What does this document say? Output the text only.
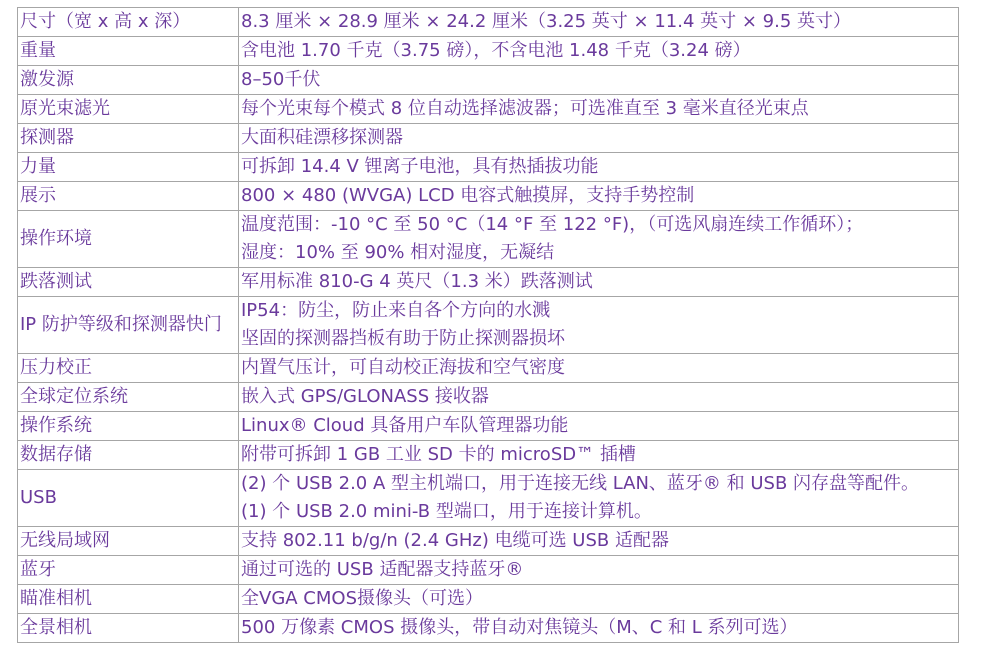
尺寸（宽 x 高 x 深）	8.3 厘米 × 28.9 厘米 × 24.2 厘米（3.25 英寸 × 11.4 英寸 × 9.5 英寸）

重量	含电池 1.70 千克（3.75 磅），不含电池 1.48 千克（3.24 磅）

激发源	8–50千伏

原光束滤光	每个光束每个模式 8 位自动选择滤波器；可选准直至 3 毫米直径光束点

探测器	大面积硅漂移探测器

力量	可拆卸 14.4 V 锂离子电池，具有热插拔功能

展示	800 × 480 (WVGA) LCD 电容式触摸屏，支持手势控制

操作环境	温度范围：-10 °C 至 50 °C（14 °F 至 122 °F)，（可选风扇连续工作循环）；
湿度：10% 至 90% 相对湿度，无凝结

跌落测试	军用标准 810-G 4 英尺（1.3 米）跌落测试

IP 防护等级和探测器快门	IP54：防尘，防止来自各个方向的水溅
坚固的探测器挡板有助于防止探测器损坏

压力校正	内置气压计，可自动校正海拔和空气密度

全球定位系统	嵌入式 GPS/GLONASS 接收器

操作系统	Linux® Cloud 具备用户车队管理器功能

数据存储	附带可拆卸 1 GB 工业 SD 卡的 microSD™ 插槽

USB	(2) 个 USB 2.0 A 型主机端口，用于连接无线 LAN、蓝牙® 和 USB 闪存盘等配件。
(1) 个 USB 2.0 mini-B 型端口，用于连接计算机。

无线局域网	支持 802.11 b/g/n (2.4 GHz) 电缆可选 USB 适配器

蓝牙	通过可选的 USB 适配器支持蓝牙®

瞄准相机	全VGA CMOS摄像头（可选）

全景相机	500 万像素 CMOS 摄像头，带自动对焦镜头（M、C 和 L 系列可选）
